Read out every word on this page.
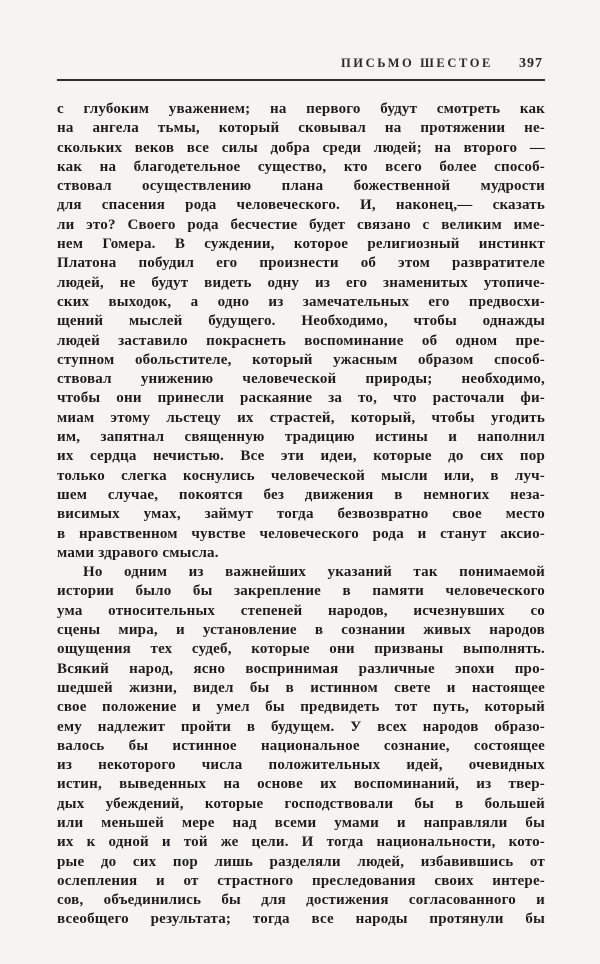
ПИСЬМО ШЕСТОЕ 397

с глубоким уважением; на первого будут смотреть как
на ангела тьмы, который сковывал на протяжении не-
скольких веков все силы добра среди людей; на второго —
как на благодетельное существо, кто всего более способ-
ствовал осуществлению плана божественной мудрости
для спасения рода человеческого. И, наконец,— сказать
ли это? Своего рода бесчестие будет связано с великим име-
нем Гомера. В суждении, которое религиозный инстинкт
Платона побудил его произнести об этом развратителе
людей, не будут видеть одну из его знаменитых утопиче-
ских выходок, а одно из замечательных его предвосхи-
щений мыслей будущего. Необходимо, чтобы однажды
людей заставило покраснеть воспоминание об одном пре-
ступном обольстителе, который ужасным образом способ-
ствовал унижению человеческой природы; необходимо,
чтобы они принесли раскаяние за то, что расточали фи-
миам этому льстецу их страстей, который, чтобы угодить
им, запятнал священную традицию истины и наполнил
их сердца нечистью. Все эти идеи, которые до сих пор
только слегка коснулись человеческой мысли или, в луч-
шем случае, покоятся без движения в немногих неза-
висимых умах, займут тогда безвозвратно свое место
в нравственном чувстве человеческого рода и станут аксио-
мами здравого смысла.

Но одним из важнейших указаний так понимаемой
истории было бы закрепление в памяти человеческого
ума относительных степеней народов, исчезнувших со
сцены мира, и установление в сознании живых народов
ощущения тех судеб, которые они призваны выполнять.
Всякий народ, ясно воспринимая различные эпохи про-
шедшей жизни, видел бы в истинном свете и настоящее
свое положение и умел бы предвидеть тот путь, который
ему надлежит пройти в будущем. У всех народов образо-
валось бы истинное национальное сознание, состоящее
из некоторого числа положительных идей, очевидных
истин, выведенных на основе их воспоминаний, из твер-
дых убеждений, которые господствовали бы в большей
или меньшей мере над всеми умами и направляли бы
их к одной и той же цели. И тогда национальности, кото-
рые до сих пор лишь разделяли людей, избавившись от
ослепления и от страстного преследования своих интере-
сов, объединились бы для достижения согласованного и
всеобщего результата; тогда все народы протянули бы
